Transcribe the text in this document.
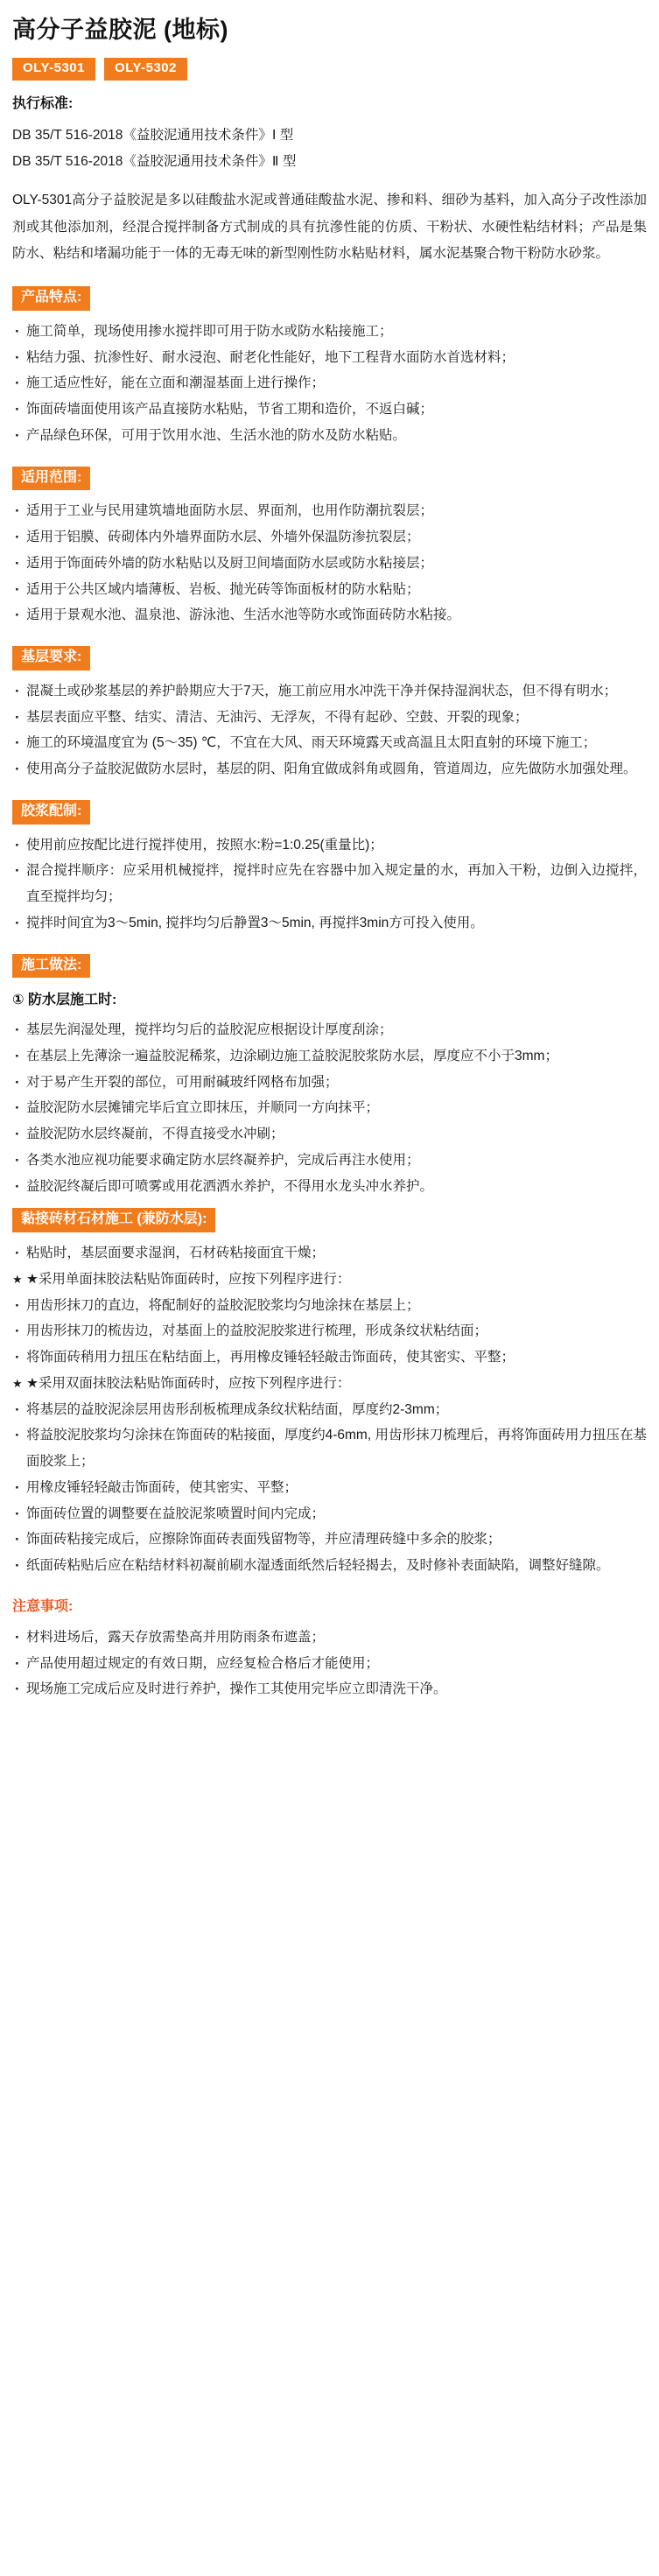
高分子益胶泥 (地标)
OLY-5301	OLY-5302
执行标准:

DB 35/T 516-2018《益胶泥通用技术条件》Ⅰ 型

DB 35/T 516-2018《益胶泥通用技术条件》Ⅱ 型

OLY-5301高分子益胶泥是多以硅酸盐水泥或普通硅酸盐水泥、掺和料、细砂为基料，加入高分子改性添加剂或其他添加剂，经混合搅拌制备方式制成的具有抗滲性能的仿质、干粉状、水硬性粘结材料；产品是集防水、粘结和堵漏功能于一体的无毒无味的新型刚性防水粘贴材料，属水泥基聚合物干粉防水砂浆。

产品特点:
· 施工简单，现场使用掺水搅拌即可用于防水或防水粘接施工；
· 粘结力强、抗渗性好、耐水浸泡、耐老化性能好，地下工程背水面防水首选材料；
· 施工适应性好，能在立面和潮湿基面上进行操作；
· 饰面砖墙面使用该产品直接防水粘贴，节省工期和造价，不返白碱；
· 产品绿色环保，可用于饮用水池、生活水池的防水及防水粘贴。
适用范围:
· 适用于工业与民用建筑墙地面防水层、界面剂，也用作防潮抗裂层；
· 适用于铝膜、砖砌体内外墙界面防水层、外墙外保温防渗抗裂层；
· 适用于饰面砖外墙的防水粘贴以及厨卫间墙面防水层或防水粘接层；
· 适用于公共区域内墙薄板、岩板、抛光砖等饰面板材的防水粘贴；
· 适用于景观水池、温泉池、游泳池、生活水池等防水或饰面砖防水粘接。
基层要求:
· 混凝土或砂浆基层的养护龄期应大于7天，施工前应用水冲洗干净并保持湿润状态，但不得有明水；
· 基层表面应平整、结实、清洁、无油污、无浮灰，不得有起砂、空鼓、开裂的现象；
· 施工的环境温度宜为 (5～35) ℃，不宜在大风、雨天环境露天或高温且太阳直射的环境下施工；
· 使用高分子益胶泥做防水层时，基层的阴、阳角宜做成斜角或圆角，管道周边，应先做防水加强处理。
胶浆配制:
· 使用前应按配比进行搅拌使用，按照水:粉=1:0.25(重量比)；
· 混合搅拌顺序：应采用机械搅拌，搅拌时应先在容器中加入规定量的水，再加入干粉，边倒入边搅拌，直至搅拌均匀；
· 搅拌时间宜为3～5min, 搅拌均匀后静置3～5min, 再搅拌3min方可投入使用。
施工做法:
① 防水层施工时:
· 基层先润湿处理，搅拌均匀后的益胶泥应根据设计厚度刮涂；
· 在基层上先薄涂一遍益胶泥稀浆，边涂刷边施工益胶泥胶浆防水层，厚度应不小于3mm；
· 对于易产生开裂的部位，可用耐碱玻纤网格布加强；
· 益胶泥防水层摊铺完毕后宜立即抹压，并顺同一方向抹平；
· 益胶泥防水层终凝前，不得直接受水冲刷；
· 各类水池应视功能要求确定防水层终凝养护，完成后再注水使用；
· 益胶泥终凝后即可喷雾或用花洒洒水养护，不得用水龙头冲水养护。
黏接砖材石材施工 (兼防水层):
· 粘贴时，基层面要求湿润，石材砖粘接面宜干燥；
★ ★采用单面抹胶法粘贴饰面砖时，应按下列程序进行：
· 用齿形抹刀的直边，将配制好的益胶泥胶浆均匀地涂抹在基层上；
· 用齿形抹刀的梳齿边，对基面上的益胶泥胶浆进行梳理，形成条纹状粘结面；
· 将饰面砖稍用力扭压在粘结面上，再用橡皮锤轻轻敲击饰面砖，使其密实、平整；
★ ★采用双面抹胶法粘贴饰面砖时，应按下列程序进行：
· 将基层的益胶泥涂层用齿形刮板梳理成条纹状粘结面，厚度约2-3mm；
· 将益胶泥胶浆均匀涂抹在饰面砖的粘接面，厚度约4-6mm, 用齿形抹刀梳理后，再将饰面砖用力扭压在基面胶浆上；
· 用橡皮锤轻轻敲击饰面砖，使其密实、平整；
· 饰面砖位置的调整要在益胶泥浆喷置时间内完成；
· 饰面砖粘接完成后，应擦除饰面砖表面残留物等，并应清理砖缝中多余的胶浆；
· 纸面砖粘贴后应在粘结材料初凝前刷水湿透面纸然后轻轻揭去，及时修补表面缺陷，调整好缝隙。
注意事项:
· 材料进场后，露天存放需垫高并用防雨条布遮盖；
· 产品使用超过规定的有效日期，应经复检合格后才能使用；
· 现场施工完成后应及时进行养护，操作工其使用完毕应立即清洗干净。
